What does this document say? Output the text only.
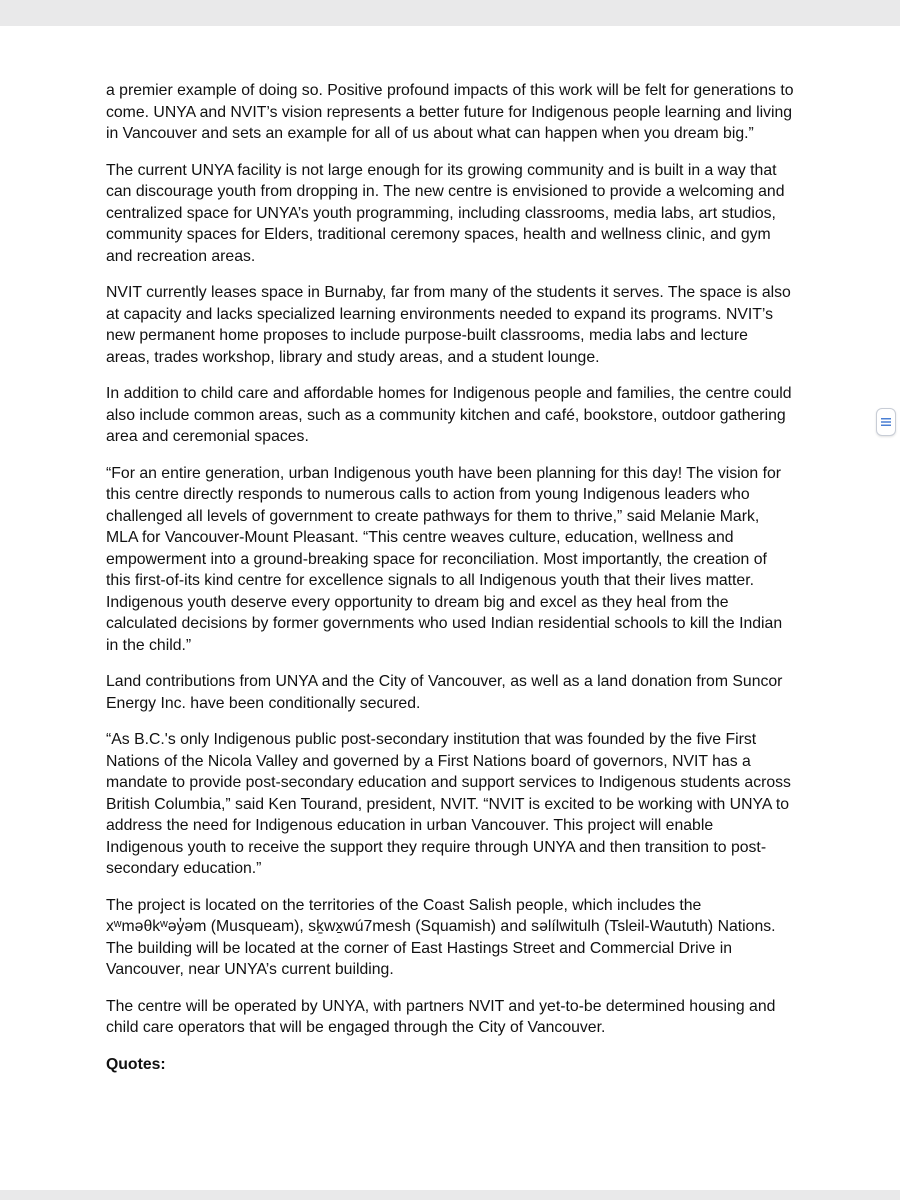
a premier example of doing so. Positive profound impacts of this work will be felt for generations to come. UNYA and NVIT’s vision represents a better future for Indigenous people learning and living in Vancouver and sets an example for all of us about what can happen when you dream big.”

The current UNYA facility is not large enough for its growing community and is built in a way that can discourage youth from dropping in. The new centre is envisioned to provide a welcoming and centralized space for UNYA’s youth programming, including classrooms, media labs, art studios, community spaces for Elders, traditional ceremony spaces, health and wellness clinic, and gym and recreation areas.

NVIT currently leases space in Burnaby, far from many of the students it serves. The space is also at capacity and lacks specialized learning environments needed to expand its programs. NVIT’s new permanent home proposes to include purpose-built classrooms, media labs and lecture areas, trades workshop, library and study areas, and a student lounge.

In addition to child care and affordable homes for Indigenous people and families, the centre could also include common areas, such as a community kitchen and café, bookstore, outdoor gathering area and ceremonial spaces.

“For an entire generation, urban Indigenous youth have been planning for this day! The vision for this centre directly responds to numerous calls to action from young Indigenous leaders who challenged all levels of government to create pathways for them to thrive,” said Melanie Mark, MLA for Vancouver-Mount Pleasant. “This centre weaves culture, education, wellness and empowerment into a ground-breaking space for reconciliation. Most importantly, the creation of this first-of-its kind centre for excellence signals to all Indigenous youth that their lives matter. Indigenous youth deserve every opportunity to dream big and excel as they heal from the calculated decisions by former governments who used Indian residential schools to kill the Indian in the child.”

Land contributions from UNYA and the City of Vancouver, as well as a land donation from Suncor Energy Inc. have been conditionally secured.

“As B.C.'s only Indigenous public post-secondary institution that was founded by the five First Nations of the Nicola Valley and governed by a First Nations board of governors, NVIT has a mandate to provide post-secondary education and support services to Indigenous students across British Columbia,” said Ken Tourand, president, NVIT. “NVIT is excited to be working with UNYA to address the need for Indigenous education in urban Vancouver. This project will enable Indigenous youth to receive the support they require through UNYA and then transition to post-secondary education.”

The project is located on the territories of the Coast Salish people, which includes the xʷməθkʷəy̓əm (Musqueam), sḵwx̱wú7mesh (Squamish) and səlílwitulh (Tsleil-Waututh) Nations. The building will be located at the corner of East Hastings Street and Commercial Drive in Vancouver, near UNYA’s current building.

The centre will be operated by UNYA, with partners NVIT and yet-to-be determined housing and child care operators that will be engaged through the City of Vancouver.

Quotes:
